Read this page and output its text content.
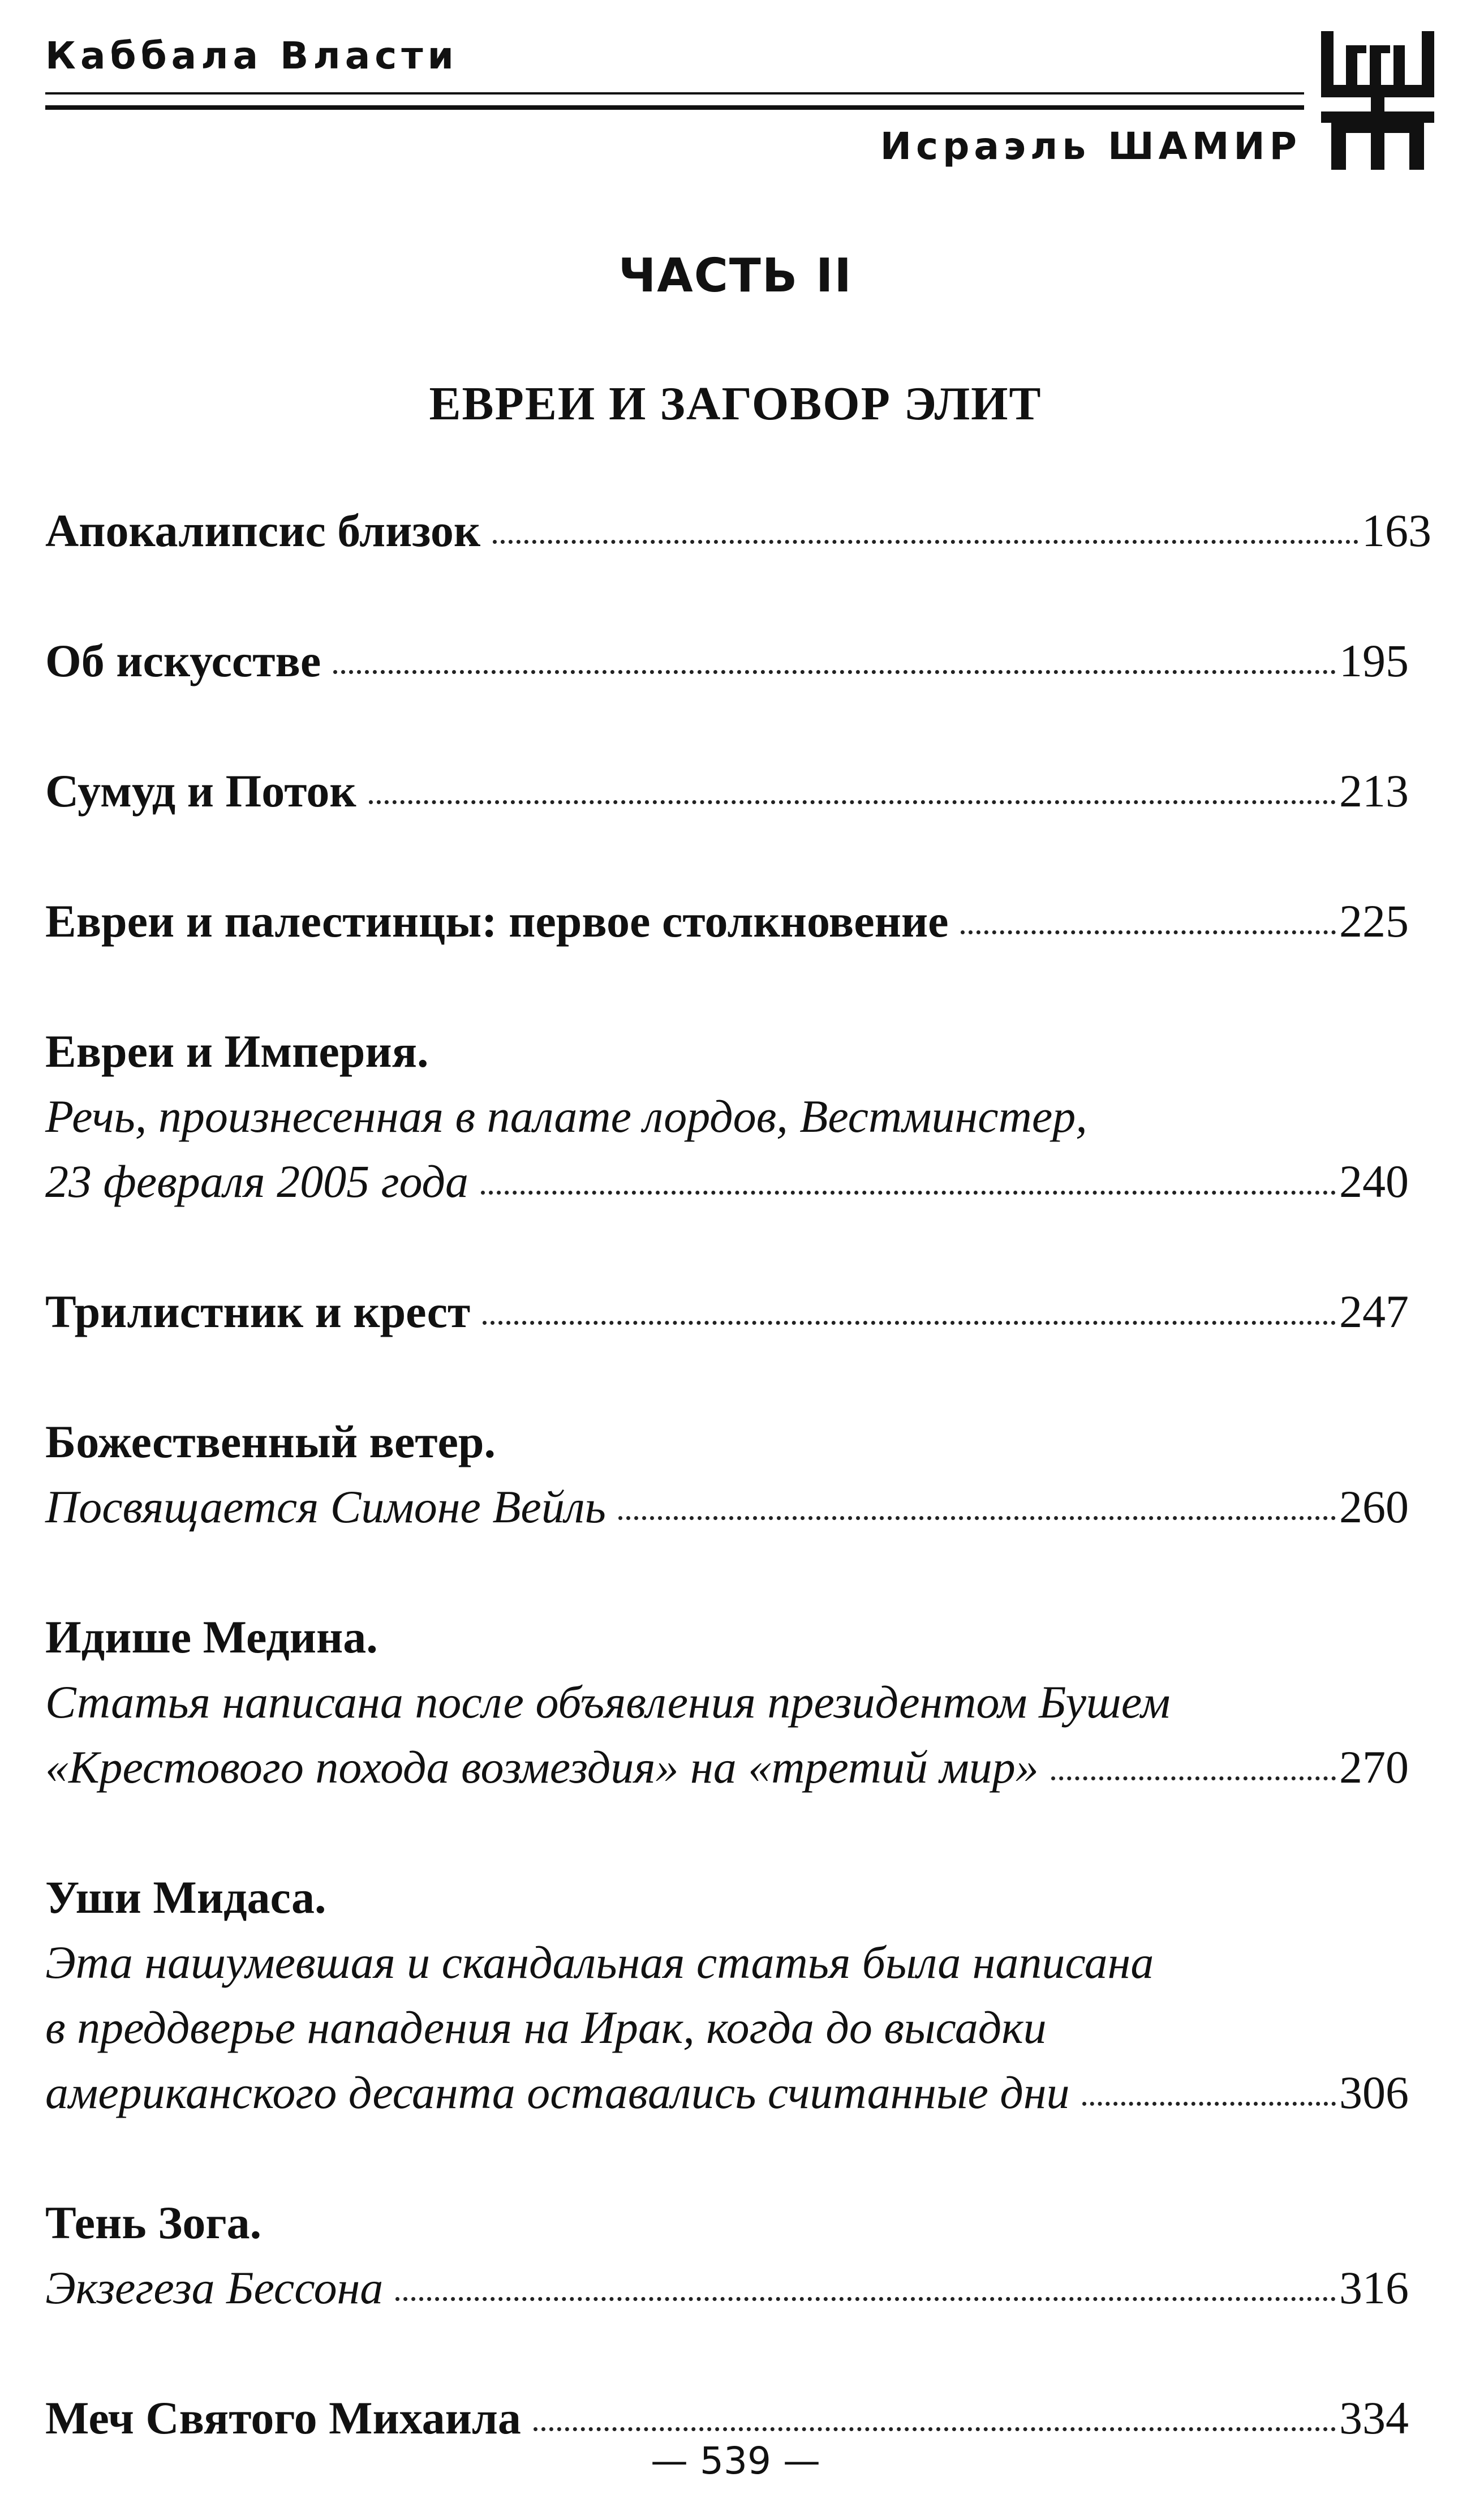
Каббала Власти
Исраэль ШАМИР
ЧАСТЬ II
ЕВРЕИ И ЗАГОВОР ЭЛИТ
Апокалипсис близок	163
Об искусстве	195
Сумуд и Поток	213
Евреи и палестинцы: первое столкновение	225
Евреи и Империя.
Речь, произнесенная в палате лордов, Вестминстер,
23 февраля 2005 года	240
Трилистник и крест	247
Божественный ветер.
Посвящается Симоне Вейль	260
Идише Медина.
Статья написана после объявления президентом Бушем
«Крестового похода возмездия» на «третий мир»	270
Уши Мидаса.
Эта нашумевшая и скандальная статья была написана
в преддверье нападения на Ирак, когда до высадки
американского десанта оставались считанные дни	306
Тень Зога.
Экзегеза Бессона	316
Меч Святого Михаила	334
— 539 —
